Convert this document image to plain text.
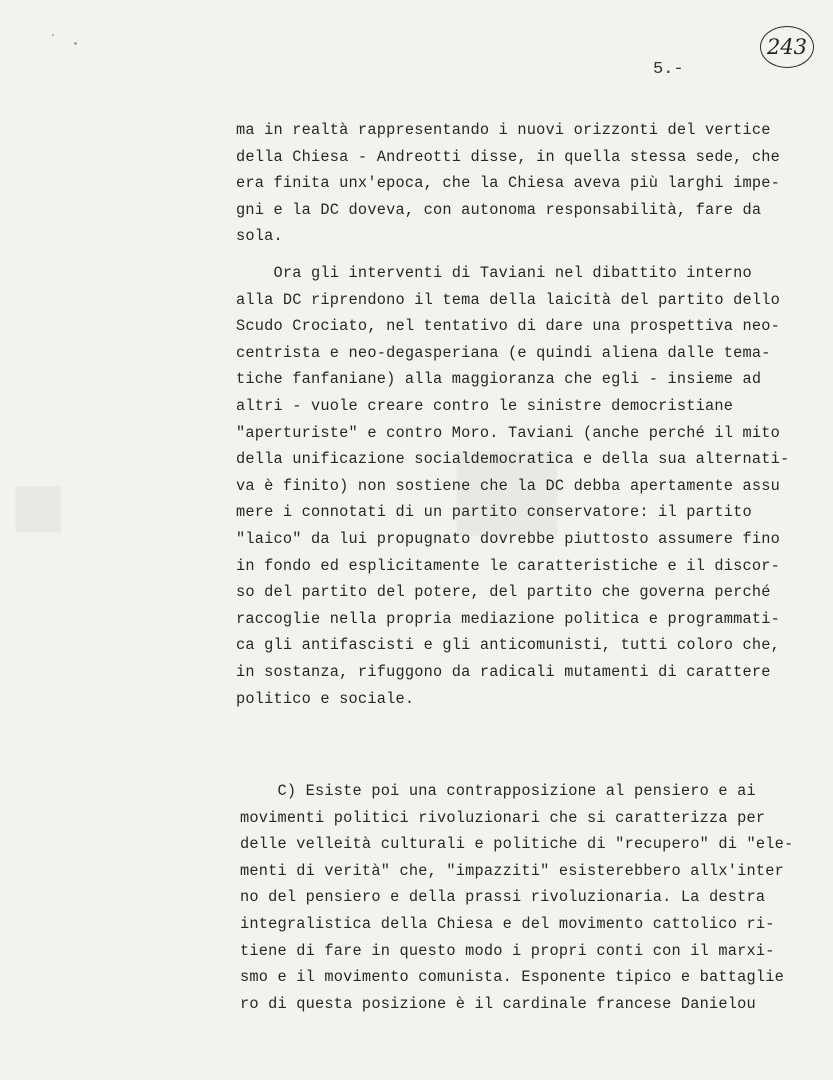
■
■
243
5.-
ma in realtà rappresentando i nuovi orizzonti del vertice
della Chiesa - Andreotti disse, in quella stessa sede, che
era finita unx'epoca, che la Chiesa aveva più larghi impe-
gni e la DC doveva, con autonoma responsabilità, fare da
sola.
Ora gli interventi di Taviani nel dibattito interno
alla DC riprendono il tema della laicità del partito dello
Scudo Crociato, nel tentativo di dare una prospettiva neo-
centrista e neo-degasperiana (e quindi aliena dalle tema-
tiche fanfaniane) alla maggioranza che egli - insieme ad
altri - vuole creare contro le sinistre democristiane
"aperturiste" e contro Moro. Taviani (anche perché il mito
della unificazione socialdemocratica e della sua alternati-
va è finito) non sostiene che la DC debba apertamente assu
mere i connotati di un partito conservatore: il partito
"laico" da lui propugnato dovrebbe piuttosto assumere fino
in fondo ed esplicitamente le caratteristiche e il discor-
so del partito del potere, del partito che governa perché
raccoglie nella propria mediazione politica e programmati-
ca gli antifascisti e gli anticomunisti, tutti coloro che,
in sostanza, rifuggono da radicali mutamenti di carattere
politico e sociale.
C) Esiste poi una contrapposizione al pensiero e ai
movimenti politici rivoluzionari che si caratterizza per
delle velleità culturali e politiche di "recupero" di "ele-
menti di verità" che, "impazziti" esisterebbero allx'inter
no del pensiero e della prassi rivoluzionaria. La destra
integralistica della Chiesa e del movimento cattolico ri-
tiene di fare in questo modo i propri conti con il marxi-
smo e il movimento comunista. Esponente tipico e battaglie
ro di questa posizione è il cardinale francese Danielou
